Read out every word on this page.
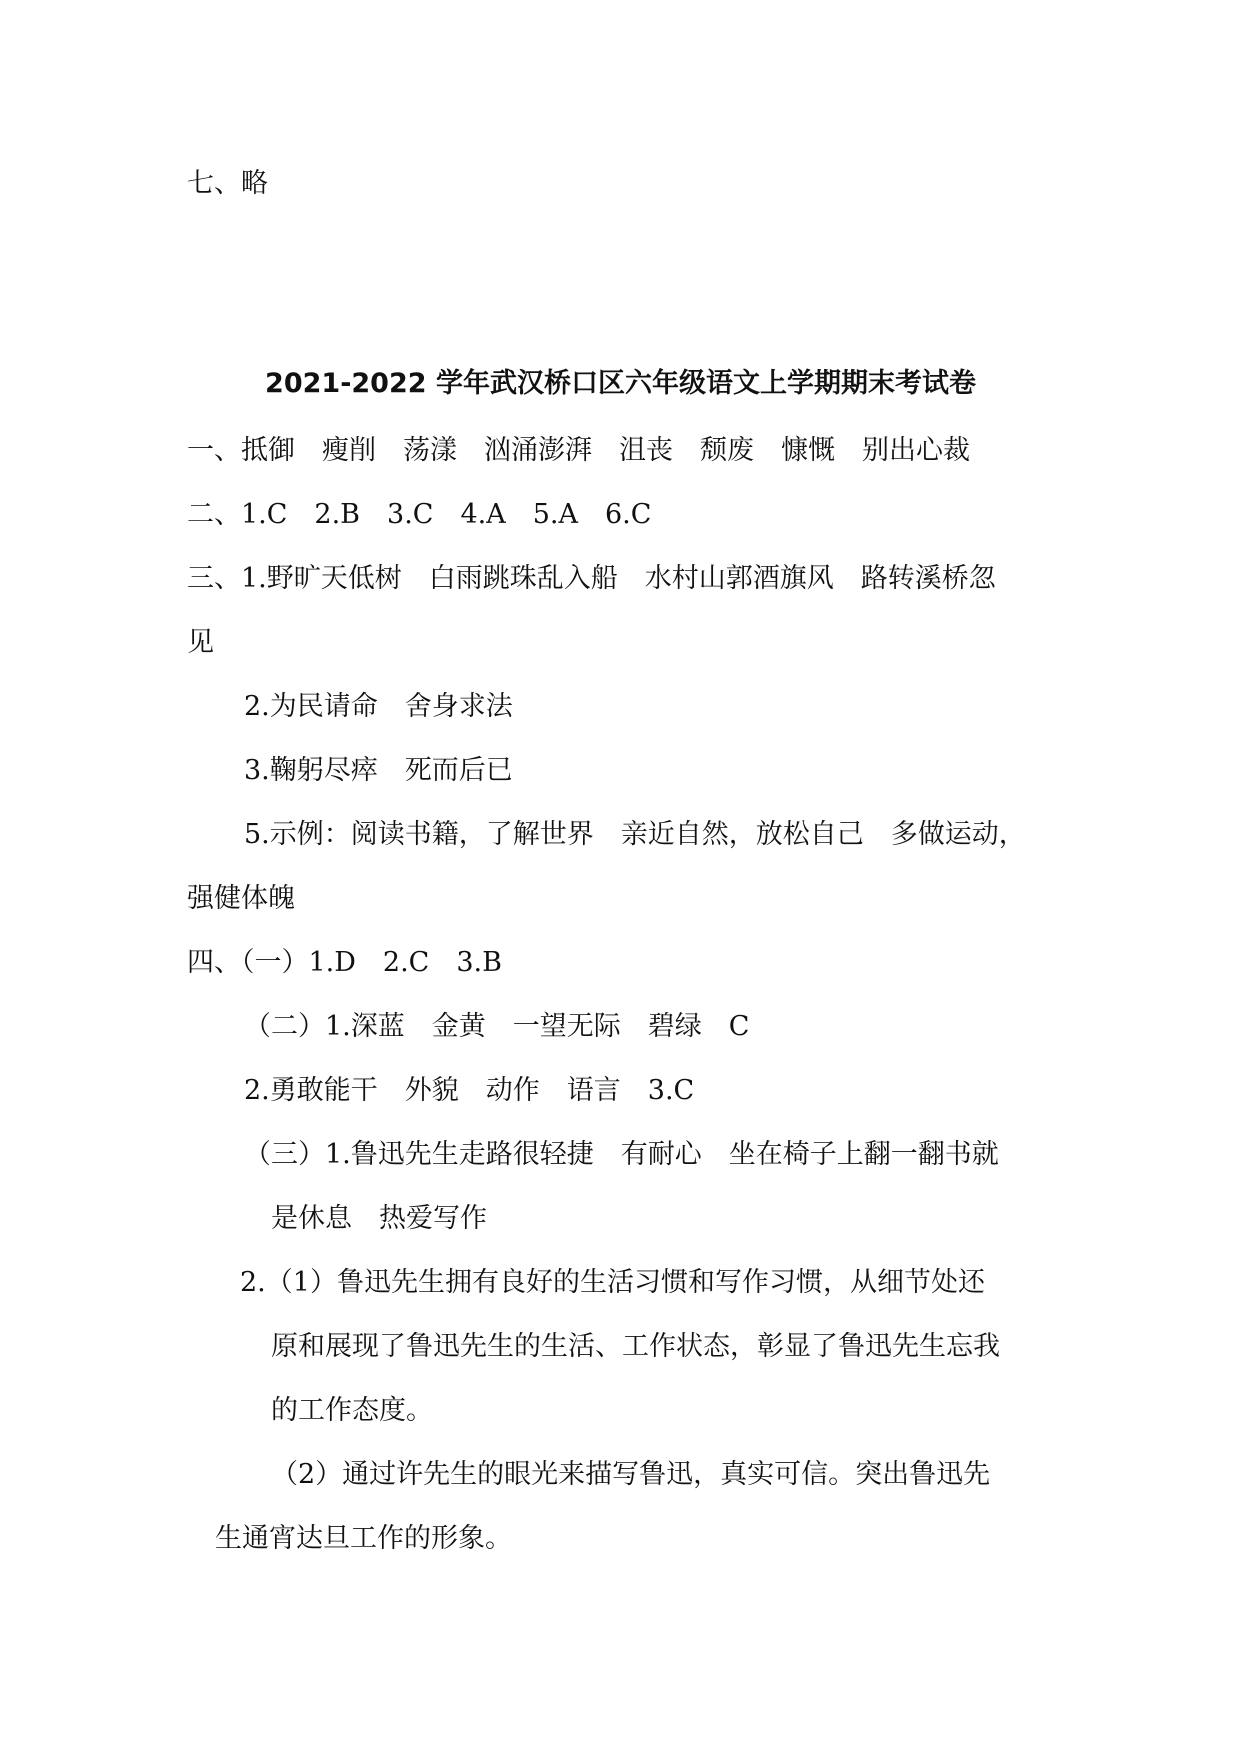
七、略

2021-2022 学年武汉桥口区六年级语文上学期期末考试卷

一、抵御　瘦削　荡漾　汹涌澎湃　沮丧　颓废　慷慨　别出心裁

二、1.C　2.B　3.C　4.A　5.A　6.C

三、1.野旷天低树　白雨跳珠乱入船　水村山郭酒旗风　路转溪桥忽

见

2.为民请命　舍身求法

3.鞠躬尽瘁　死而后已

5.示例：阅读书籍，了解世界　亲近自然，放松自己　多做运动，

强健体魄

四、（一）1.D　2.C　3.B

（二）1.深蓝　金黄　一望无际　碧绿　C

2.勇敢能干　外貌　动作　语言　3.C

（三）1.鲁迅先生走路很轻捷　有耐心　坐在椅子上翻一翻书就

是休息　热爱写作

2.（1）鲁迅先生拥有良好的生活习惯和写作习惯，从细节处还

原和展现了鲁迅先生的生活、工作状态，彰显了鲁迅先生忘我

的工作态度。

（2）通过许先生的眼光来描写鲁迅，真实可信。突出鲁迅先

生通宵达旦工作的形象。
